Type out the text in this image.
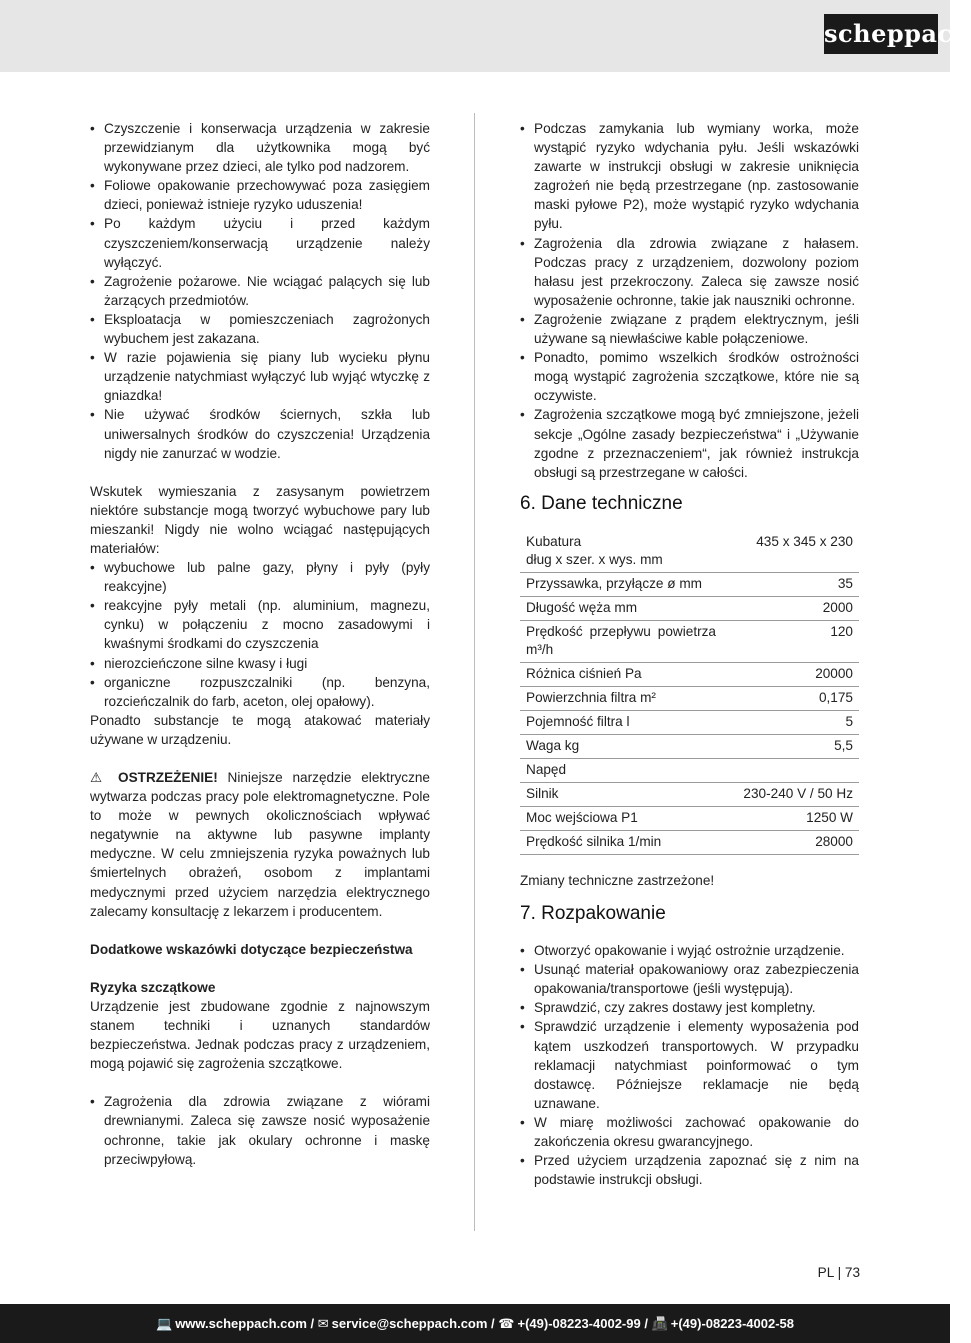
scheppach
• Czyszczenie i konserwacja urządzenia w zakresie przewidzianym dla użytkownika mogą być wykonywane przez dzieci, ale tylko pod nadzorem.
• Foliowe opakowanie przechowywać poza zasięgiem dzieci, ponieważ istnieje ryzyko uduszenia!
• Po każdym użyciu i przed każdym czyszczeniem/konserwacją urządzenie należy wyłączyć.
• Zagrożenie pożarowe. Nie wciągać palących się lub żarzących przedmiotów.
• Eksploatacja w pomieszczeniach zagrożonych wybuchem jest zakazana.
• W razie pojawienia się piany lub wycieku płynu urządzenie natychmiast wyłączyć lub wyjąć wtyczkę z gniazdka!
• Nie używać środków ściernych, szkła lub uniwersalnych środków do czyszczenia! Urządzenia nigdy nie zanurzać w wodzie.

Wskutek wymieszania z zasysanym powietrzem niektóre substancje mogą tworzyć wybuchowe pary lub mieszanki! Nigdy nie wolno wciągać następujących materiałów:

• wybuchowe lub palne gazy, płyny i pyły (pyły reakcyjne)
• reakcyjne pyły metali (np. aluminium, magnezu, cynku) w połączeniu z mocno zasadowymi i kwaśnymi środkami do czyszczenia
• nierozcieńczone silne kwasy i ługi
• organiczne rozpuszczalniki (np. benzyna, rozcieńczalnik do farb, aceton, olej opałowy).

Ponadto substancje te mogą atakować materiały używane w urządzeniu.

⚠ OSTRZEŻENIE! Niniejsze narzędzie elektryczne wytwarza podczas pracy pole elektromagnetyczne. Pole to może w pewnych okolicznościach wpływać negatywnie na aktywne lub pasywne implanty medyczne. W celu zmniejszenia ryzyka poważnych lub śmiertelnych obrażeń, osobom z implantami medycznymi przed użyciem narzędzia elektrycznego zalecamy konsultację z lekarzem i producentem.

Dodatkowe wskazówki dotyczące bezpieczeństwa

Ryzyka szczątkowe

Urządzenie jest zbudowane zgodnie z najnowszym stanem techniki i uznanych standardów bezpieczeństwa. Jednak podczas pracy z urządzeniem, mogą pojawić się zagrożenia szczątkowe.

• Zagrożenia dla zdrowia związane z wiórami drewnianymi. Zaleca się zawsze nosić wyposażenie ochronne, takie jak okulary ochronne i maskę przeciwpyłową.
• Podczas zamykania lub wymiany worka, może wystąpić ryzyko wdychania pyłu. Jeśli wskazówki zawarte w instrukcji obsługi w zakresie uniknięcia zagrożeń nie będą przestrzegane (np. zastosowanie maski pyłowe P2), może wystąpić ryzyko wdychania pyłu.
• Zagrożenia dla zdrowia związane z hałasem. Podczas pracy z urządzeniem, dozwolony poziom hałasu jest przekroczony. Zaleca się zawsze nosić wyposażenie ochronne, takie jak nauszniki ochronne.
• Zagrożenie związane z prądem elektrycznym, jeśli używane są niewłaściwe kable połączeniowe.
• Ponadto, pomimo wszelkich środków ostrożności mogą wystąpić zagrożenia szczątkowe, które nie są oczywiste.
• Zagrożenia szczątkowe mogą być zmniejszone, jeżeli sekcje „Ogólne zasady bezpieczeństwa“ i „Używanie zgodne z przeznaczeniem“, jak również instrukcja obsługi są przestrzegane w całości.
6. Dane techniczne
Kubatura
dług x szer. x wys. mm	435 x 345 x 230
Przyssawka, przyłącze ø mm	35
Długość węża mm	2000
Prędkość przepływu powietrza m³/h	120
Różnica ciśnień Pa	20000
Powierzchnia filtra m²	0,175
Pojemność filtra l	5
Waga kg	5,5
Napęd	
Silnik	230-240 V / 50 Hz
Moc wejściowa P1	1250 W
Prędkość silnika 1/min	28000

Zmiany techniczne zastrzeżone!

7. Rozpakowanie
• Otworzyć opakowanie i wyjąć ostrożnie urządzenie.
• Usunąć materiał opakowaniowy oraz zabezpieczenia opakowania/transportowe (jeśli występują).
• Sprawdzić, czy zakres dostawy jest kompletny.
• Sprawdzić urządzenie i elementy wyposażenia pod kątem uszkodzeń transportowych. W przypadku reklamacji natychmiast poinformować o tym dostawcę. Późniejsze reklamacje nie będą uznawane.
• W miarę możliwości zachować opakowanie do zakończenia okresu gwarancyjnego.
• Przed użyciem urządzenia zapoznać się z nim na podstawie instrukcji obsługi.
PL | 73
💻 www.scheppach.com / ✉ service@scheppach.com / ☎ +(49)-08223-4002-99 / 📠 +(49)-08223-4002-58
